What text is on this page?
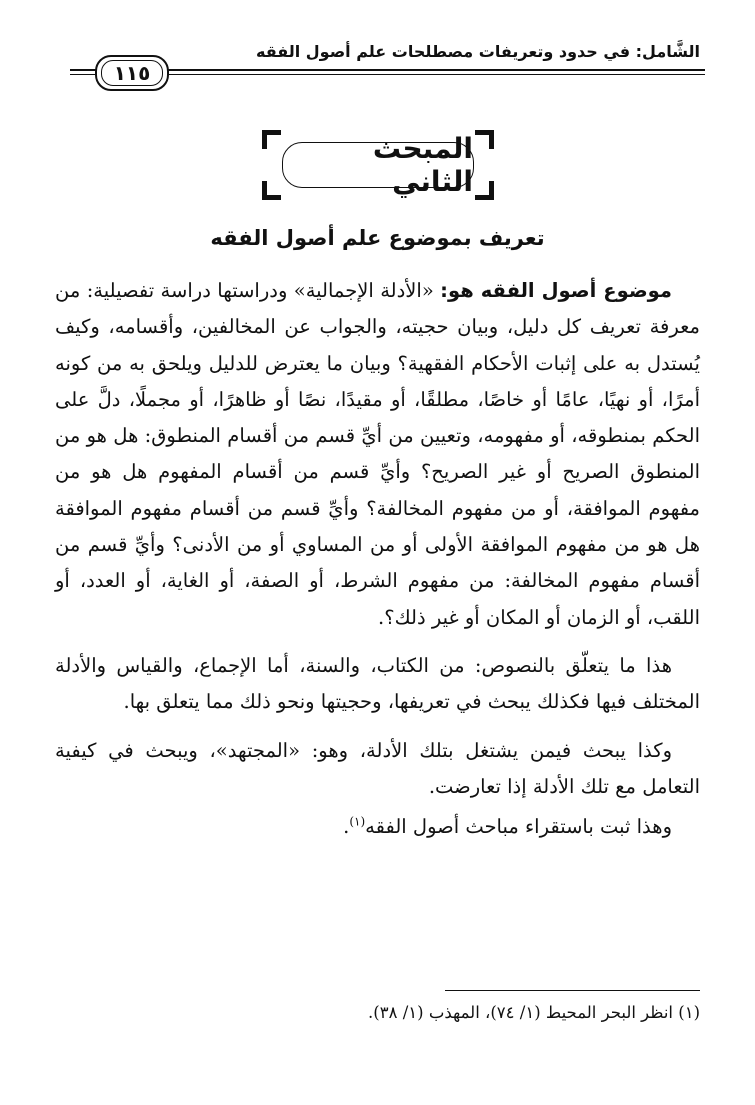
الشَّامل: في حدود وتعريفات مصطلحات علم أصول الفقه
١١٥
المبحث الثاني
تعريف بموضوع علم أصول الفقه

موضوع أصول الفقه هو: «الأدلة الإجمالية» ودراستها دراسة تفصيلية: من معرفة تعريف كل دليل، وبيان حجيته، والجواب عن المخالفين، وأقسامه، وكيف يُستدل به على إثبات الأحكام الفقهية؟ وبيان ما يعترض للدليل ويلحق به من كونه أمرًا، أو نهيًا، عامًا أو خاصًا، مطلقًا، أو مقيدًا، نصًا أو ظاهرًا، أو مجملًا، دلَّ على الحكم بمنطوقه، أو مفهومه، وتعيين من أيِّ قسم من أقسام المنطوق: هل هو من المنطوق الصريح أو غير الصريح؟ وأيِّ قسم من أقسام المفهوم هل هو من مفهوم الموافقة، أو من مفهوم المخالفة؟ وأيِّ قسم من أقسام مفهوم الموافقة هل هو من مفهوم الموافقة الأولى أو من المساوي أو من الأدنى؟ وأيِّ قسم من أقسام مفهوم المخالفة: من مفهوم الشرط، أو الصفة، أو الغاية، أو العدد، أو اللقب، أو الزمان أو المكان أو غير ذلك؟.

هذا ما يتعلّق بالنصوص: من الكتاب، والسنة، أما الإجماع، والقياس والأدلة المختلف فيها فكذلك يبحث في تعريفها، وحجيتها ونحو ذلك مما يتعلق بها.

وكذا يبحث فيمن يشتغل بتلك الأدلة، وهو: «المجتهد»، ويبحث في كيفية التعامل مع تلك الأدلة إذا تعارضت.

وهذا ثبت باستقراء مباحث أصول الفقه$^{(١)}$.

(١) انظر البحر المحيط (١/ ٧٤)، المهذب (١/ ٣٨).
